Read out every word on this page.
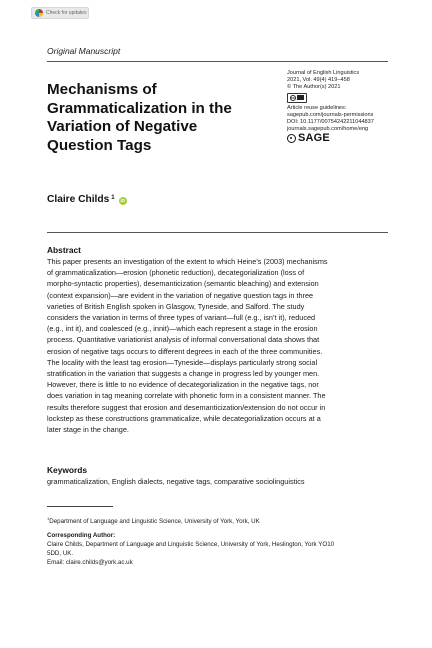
Check for updates
Original Manuscript
Mechanisms of
Grammaticalization in the
Variation of Negative
Question Tags
Journal of English Linguistics
2021, Vol. 49(4) 419–458
© The Author(s) 2021
cc
Article reuse guidelines:
sagepub.com/journals-permissions
DOI: 10.1177/00754242211044837
journals.sagepub.com/home/eng
SAGE
Claire Childs 1	iD
Abstract
This paper presents an investigation of the extent to which Heine’s (2003) mechanisms
of grammaticalization—erosion (phonetic reduction), decategorialization (loss of
morpho-syntactic properties), desemanticization (semantic bleaching) and extension
(context expansion)—are evident in the variation of negative question tags in three
varieties of British English spoken in Glasgow, Tyneside, and Salford. The study
considers the variation in terms of three types of variant—full (e.g., isn’t it), reduced
(e.g., int it), and coalesced (e.g., innit)—which each represent a stage in the erosion
process. Quantitative variationist analysis of informal conversational data shows that
erosion of negative tags occurs to different degrees in each of the three communities.
The locality with the least tag erosion—Tyneside—displays particularly strong social
stratification in the variation that suggests a change in progress led by younger men.
However, there is little to no evidence of decategorialization in the negative tags, nor
does variation in tag meaning correlate with phonetic form in a consistent manner. The
results therefore suggest that erosion and desemanticization/extension do not occur in
lockstep as these constructions grammaticalize, while decategorialization occurs at a
later stage in the change.
Keywords
grammaticalization, English dialects, negative tags, comparative sociolinguistics
$^1$Department of Language and Linguistic Science, University of York, York, UK
Corresponding Author:
Claire Childs, Department of Language and Linguistic Science, University of York, Heslington, York YO10
5DD, UK.
Email: claire.childs@york.ac.uk
